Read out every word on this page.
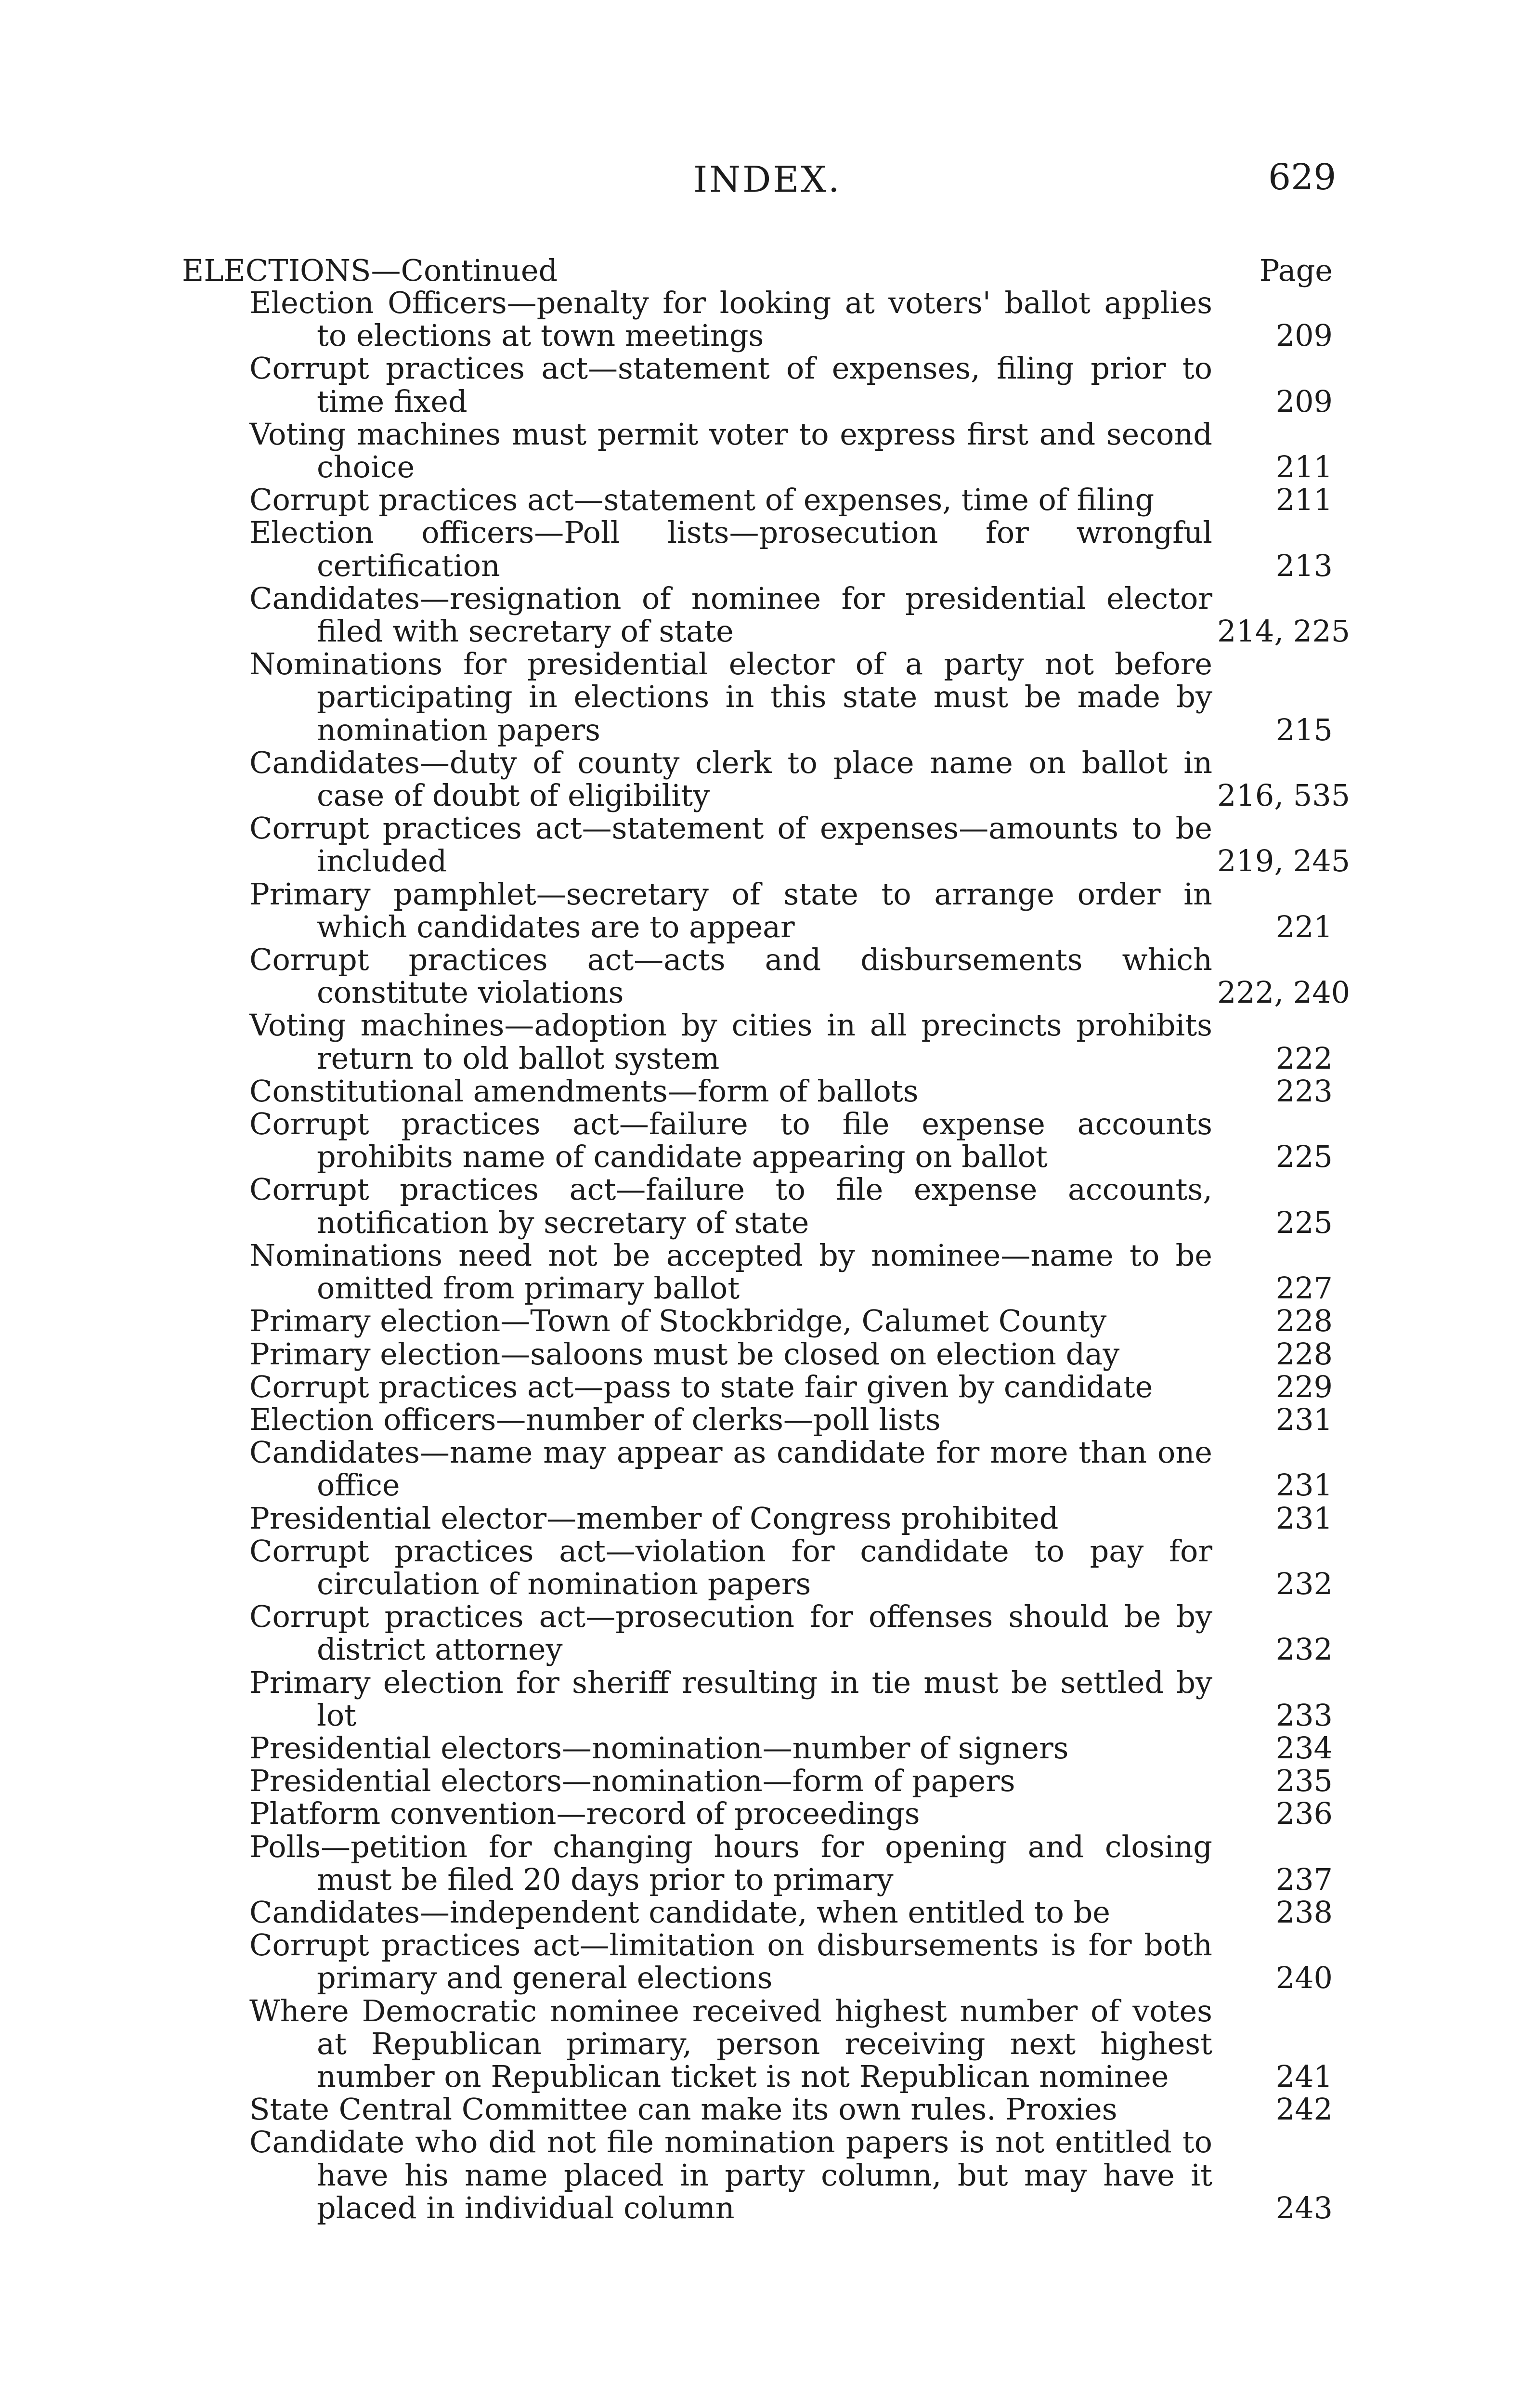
INDEX.	629
ELECTIONS—Continued	Page
Election Officers—penalty for looking at voters' ballot applies to elections at town meetings	209
Corrupt practices act—statement of expenses, filing prior to time fixed	209
Voting machines must permit voter to express first and second choice	211
Corrupt practices act—statement of expenses, time of filing	211
Election officers—Poll lists—prosecution for wrongful certification	213
Candidates—resignation of nominee for presidential elector filed with secretary of state	214, 225
Nominations for presidential elector of a party not before participating in elections in this state must be made by nomination papers	215
Candidates—duty of county clerk to place name on ballot in case of doubt of eligibility	216, 535
Corrupt practices act—statement of expenses—amounts to be included	219, 245
Primary pamphlet—secretary of state to arrange order in which candidates are to appear	221
Corrupt practices act—acts and disbursements which constitute violations	222, 240
Voting machines—adoption by cities in all precincts prohibits return to old ballot system	222
Constitutional amendments—form of ballots	223
Corrupt practices act—failure to file expense accounts prohibits name of candidate appearing on ballot	225
Corrupt practices act—failure to file expense accounts, notification by secretary of state	225
Nominations need not be accepted by nominee—name to be omitted from primary ballot	227
Primary election—Town of Stockbridge, Calumet County	228
Primary election—saloons must be closed on election day	228
Corrupt practices act—pass to state fair given by candidate	229
Election officers—number of clerks—poll lists	231
Candidates—name may appear as candidate for more than one office	231
Presidential elector—member of Congress prohibited	231
Corrupt practices act—violation for candidate to pay for circulation of nomination papers	232
Corrupt practices act—prosecution for offenses should be by district attorney	232
Primary election for sheriff resulting in tie must be settled by lot	233
Presidential electors—nomination—number of signers	234
Presidential electors—nomination—form of papers	235
Platform convention—record of proceedings	236
Polls—petition for changing hours for opening and closing must be filed 20 days prior to primary	237
Candidates—independent candidate, when entitled to be	238
Corrupt practices act—limitation on disbursements is for both primary and general elections	240
Where Democratic nominee received highest number of votes at Republican primary, person receiving next highest number on Republican ticket is not Republican nominee	241
State Central Committee can make its own rules. Proxies	242
Candidate who did not file nomination papers is not entitled to have his name placed in party column, but may have it placed in individual column	243
